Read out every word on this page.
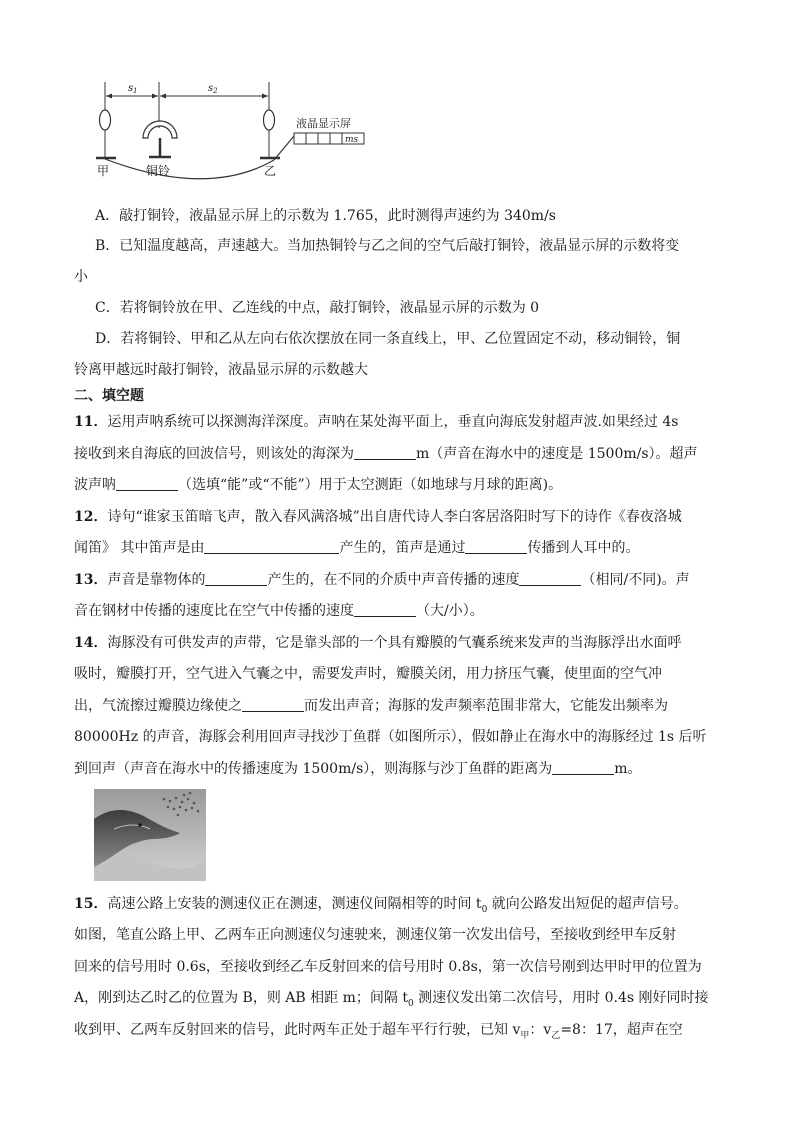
ms
液晶显示屏
$s_1$	$s_2$
甲	铜铃	乙
A．敲打铜铃，液晶显示屏上的示数为 1.765，此时测得声速约为 340m/s
B．已知温度越高，声速越大。当加热铜铃与乙之间的空气后敲打铜铃，液晶显示屏的示数将变
小
C．若将铜铃放在甲、乙连线的中点，敲打铜铃，液晶显示屏的示数为 0
D．若将铜铃、甲和乙从左向右依次摆放在同一条直线上，甲、乙位置固定不动，移动铜铃，铜
铃离甲越远时敲打铜铃，液晶显示屏的示数越大
二、填空题
11．运用声呐系统可以探测海洋深度。声呐在某处海平面上，垂直向海底发射超声波.如果经过 4s
接收到来自海底的回波信号，则该处的海深为	m（声音在海水中的速度是 1500m/s）。超声
波声呐	（选填“能”或“不能”）用于太空测距（如地球与月球的距离)。
12．诗句“谁家玉笛暗飞声，散入春风满洛城”出自唐代诗人李白客居洛阳时写下的诗作《春夜洛城
闻笛》 其中笛声是由	产生的，笛声是通过	传播到人耳中的。
13．声音是靠物体的	产生的，在不同的介质中声音传播的速度	（相同/不同)。声
音在钢材中传播的速度比在空气中传播的速度	（大/小）。
14．海豚没有可供发声的声带，它是靠头部的一个具有瓣膜的气囊系统来发声的当海豚浮出水面呼
吸时，瓣膜打开，空气进入气囊之中，需要发声时，瓣膜关闭，用力挤压气囊，使里面的空气冲
出，气流擦过瓣膜边缘使之	而发出声音；海豚的发声频率范围非常大，它能发出频率为
80000Hz 的声音，海豚会利用回声寻找沙丁鱼群（如图所示），假如静止在海水中的海豚经过 1s 后听
到回声（声音在海水中的传播速度为 1500m/s），则海豚与沙丁鱼群的距离为	m。
15．高速公路上安装的测速仪正在测速，测速仪间隔相等的时间 $t_0$ 就向公路发出短促的超声信号。
如图，笔直公路上甲、乙两车正向测速仪匀速驶来，测速仪第一次发出信号，至接收到经甲车反射
回来的信号用时 0.6s，至接收到经乙车反射回来的信号用时 0.8s，第一次信号刚到达甲时甲的位置为
A，刚到达乙时乙的位置为 B，则 AB 相距 m；间隔 $t_0$ 测速仪发出第二次信号，用时 0.4s 刚好同时接
收到甲、乙两车反射回来的信号，此时两车正处于超车平行行驶，已知 $v_甲$：$v_乙=8$：17，超声在空
